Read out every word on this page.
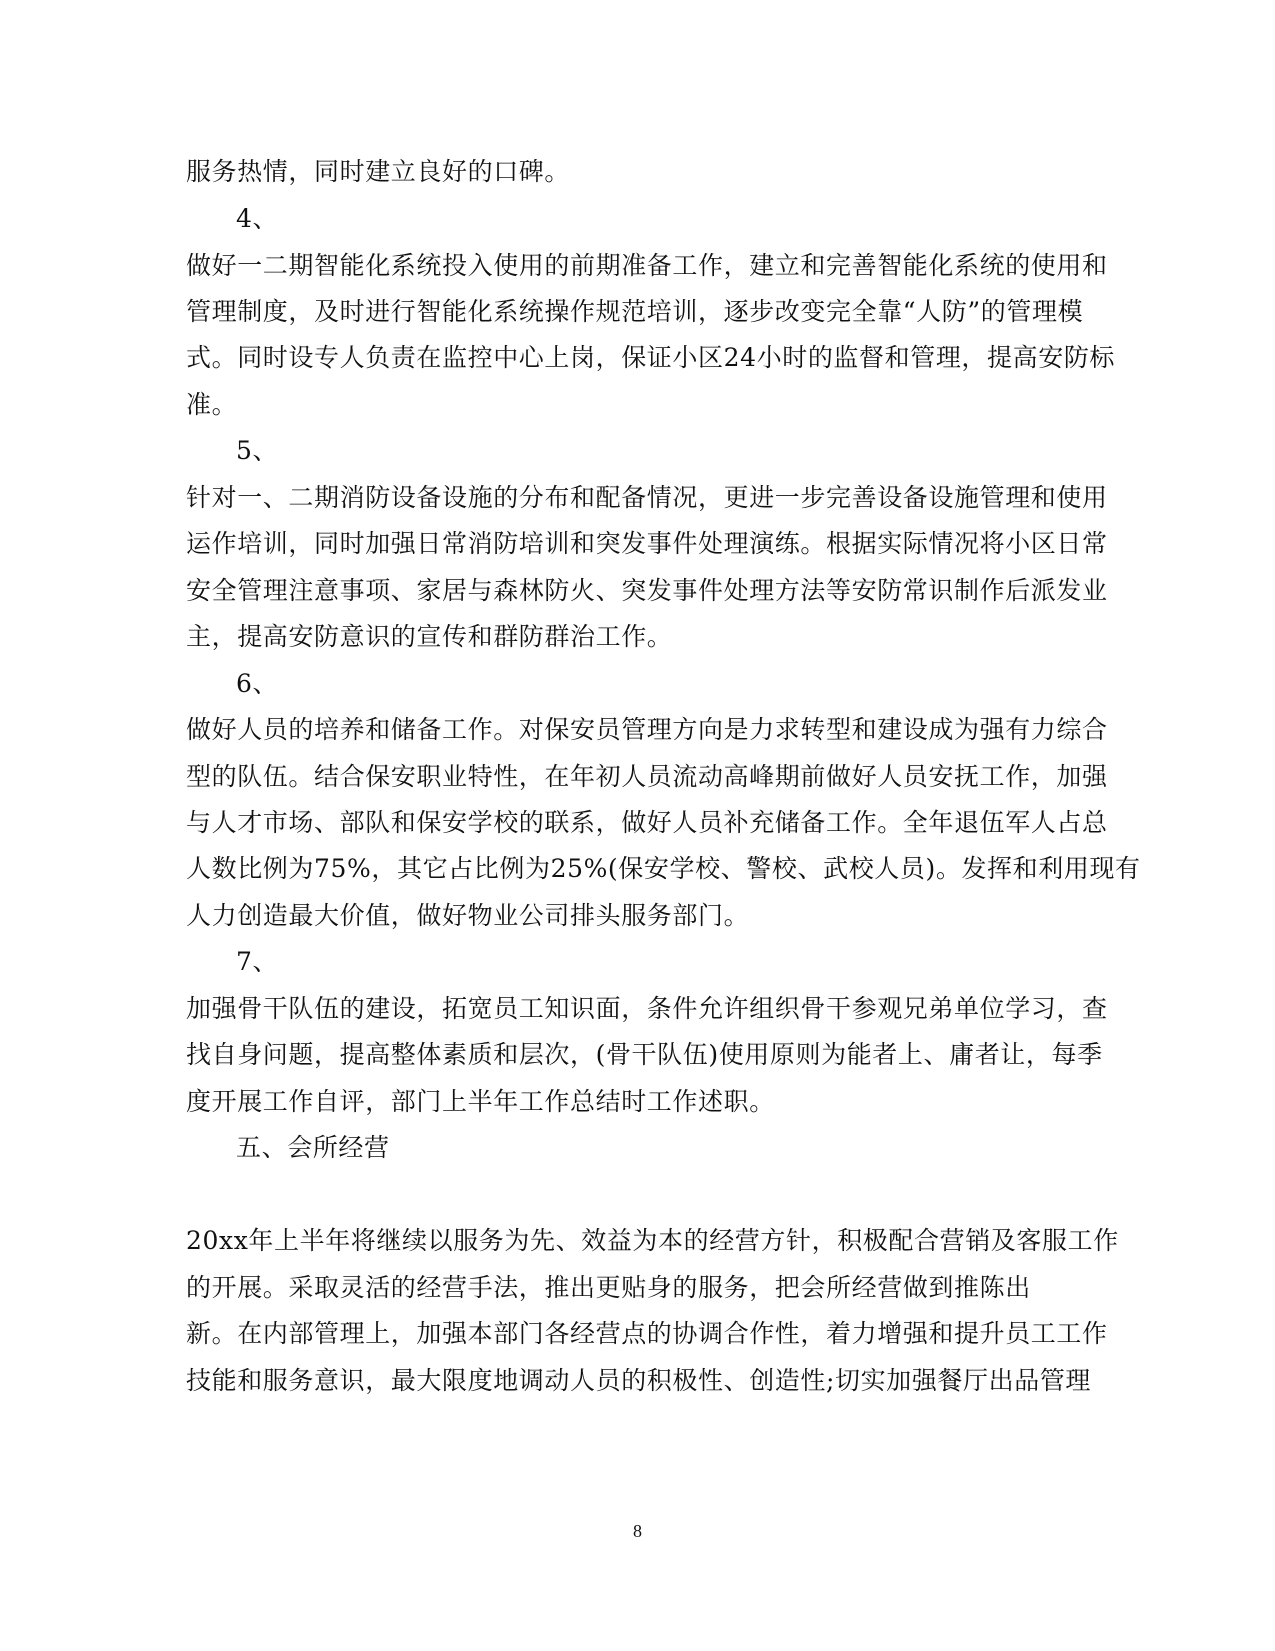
服务热情，同时建立良好的口碑。
4、
做好一二期智能化系统投入使用的前期准备工作，建立和完善智能化系统的使用和
管理制度，及时进行智能化系统操作规范培训，逐步改变完全靠“人防”的管理模
式。同时设专人负责在监控中心上岗，保证小区24小时的监督和管理，提高安防标
准。
5、
针对一、二期消防设备设施的分布和配备情况，更进一步完善设备设施管理和使用
运作培训，同时加强日常消防培训和突发事件处理演练。根据实际情况将小区日常
安全管理注意事项、家居与森林防火、突发事件处理方法等安防常识制作后派发业
主，提高安防意识的宣传和群防群治工作。
6、
做好人员的培养和储备工作。对保安员管理方向是力求转型和建设成为强有力综合
型的队伍。结合保安职业特性，在年初人员流动高峰期前做好人员安抚工作，加强
与人才市场、部队和保安学校的联系，做好人员补充储备工作。全年退伍军人占总
人数比例为75%，其它占比例为25%(保安学校、警校、武校人员)。发挥和利用现有
人力创造最大价值，做好物业公司排头服务部门。
7、
加强骨干队伍的建设，拓宽员工知识面，条件允许组织骨干参观兄弟单位学习，查
找自身问题，提高整体素质和层次，(骨干队伍)使用原则为能者上、庸者让，每季
度开展工作自评，部门上半年工作总结时工作述职。
五、会所经营
20xx年上半年将继续以服务为先、效益为本的经营方针，积极配合营销及客服工作
的开展。采取灵活的经营手法，推出更贴身的服务，把会所经营做到推陈出
新。在内部管理上，加强本部门各经营点的协调合作性，着力增强和提升员工工作
技能和服务意识，最大限度地调动人员的积极性、创造性;切实加强餐厅出品管理
8
